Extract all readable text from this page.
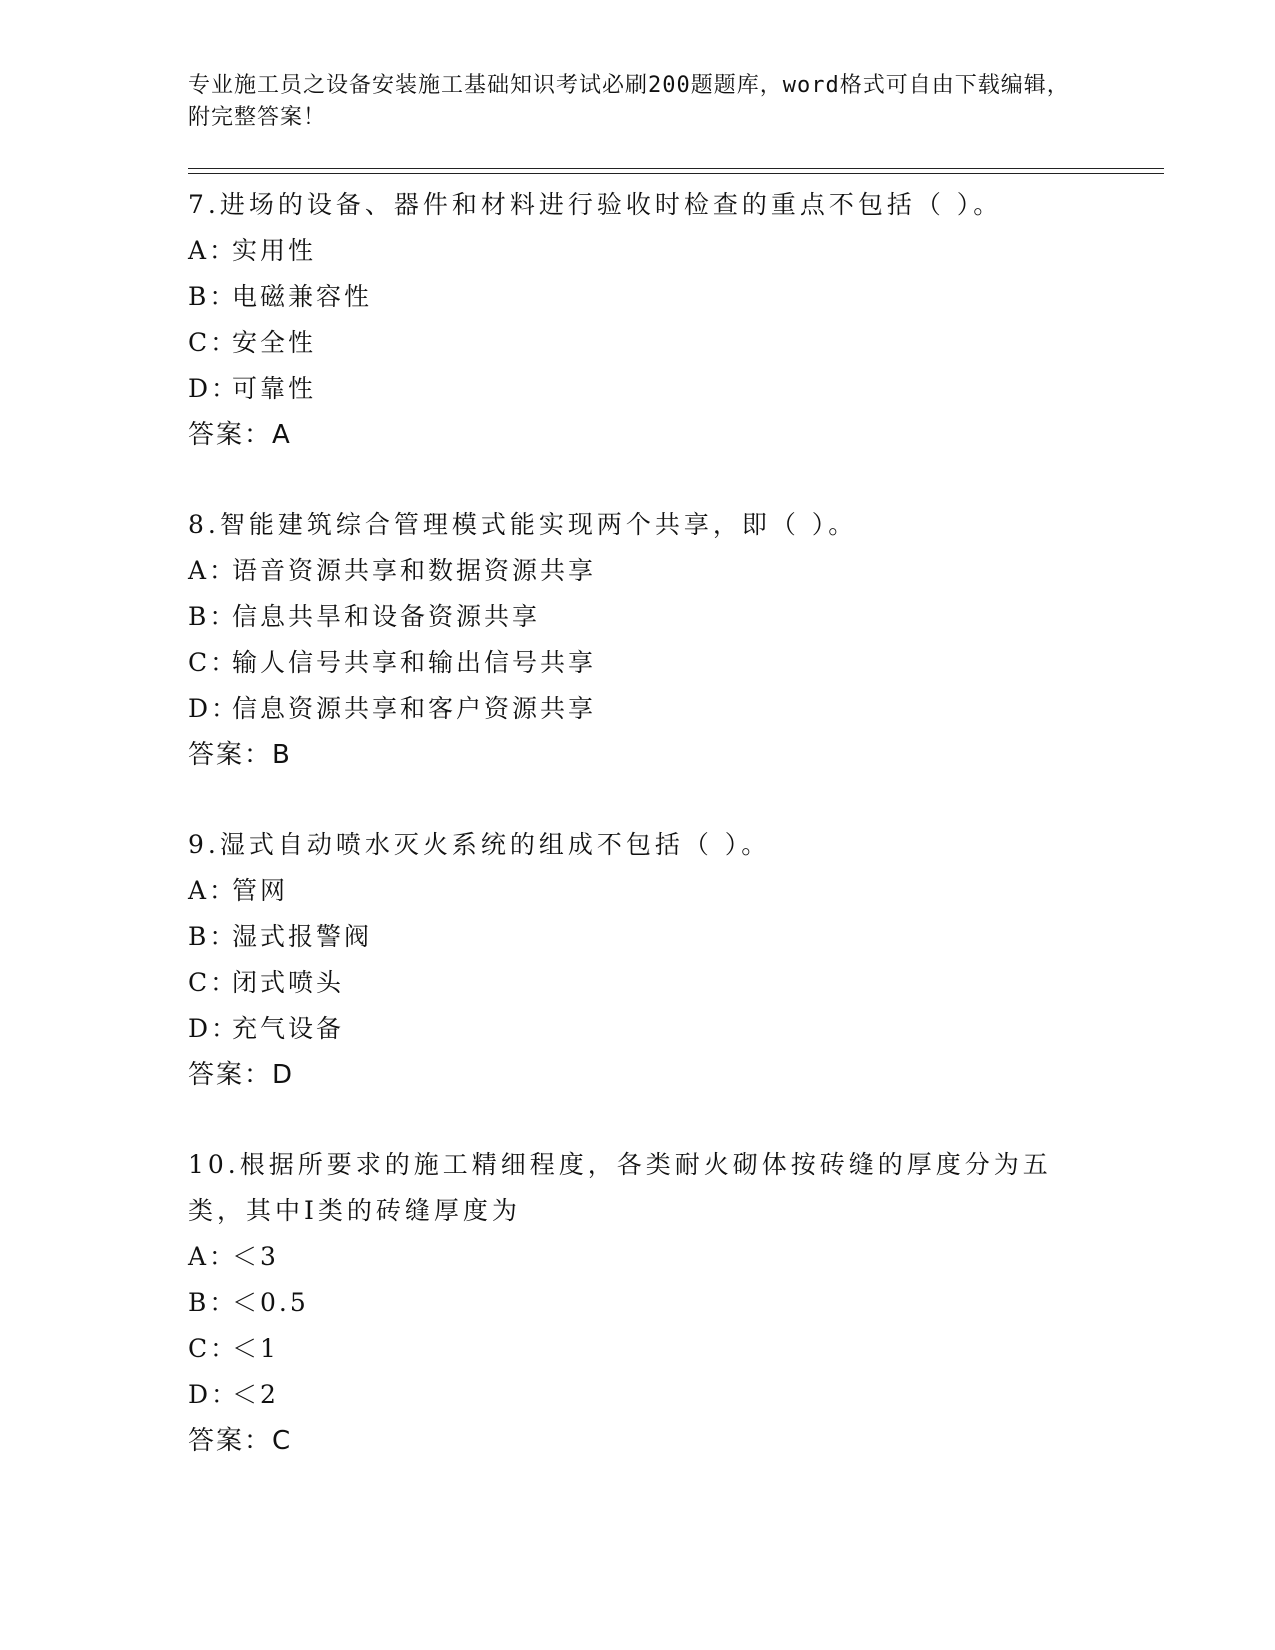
专业施工员之设备安装施工基础知识考试必刷200题题库，word格式可自由下载编辑，附完整答案！

7.进场的设备、器件和材料进行验收时检查的重点不包括（ ）。

A：实用性

B：电磁兼容性

C：安全性

D：可靠性

答案：A

8.智能建筑综合管理模式能实现两个共享，即（ ）。

A：语音资源共享和数据资源共享

B：信息共旱和设备资源共享

C：输人信号共享和输出信号共享

D：信息资源共享和客户资源共享

答案：B

9.湿式自动喷水灭火系统的组成不包括（ ）。

A：管网

B：湿式报警阀

C：闭式喷头

D：充气设备

答案：D

10.根据所要求的施工精细程度，各类耐火砌体按砖缝的厚度分为五类，其中Ⅰ类的砖缝厚度为

A：＜3

B：＜0.5

C：＜1

D：＜2

答案：C
